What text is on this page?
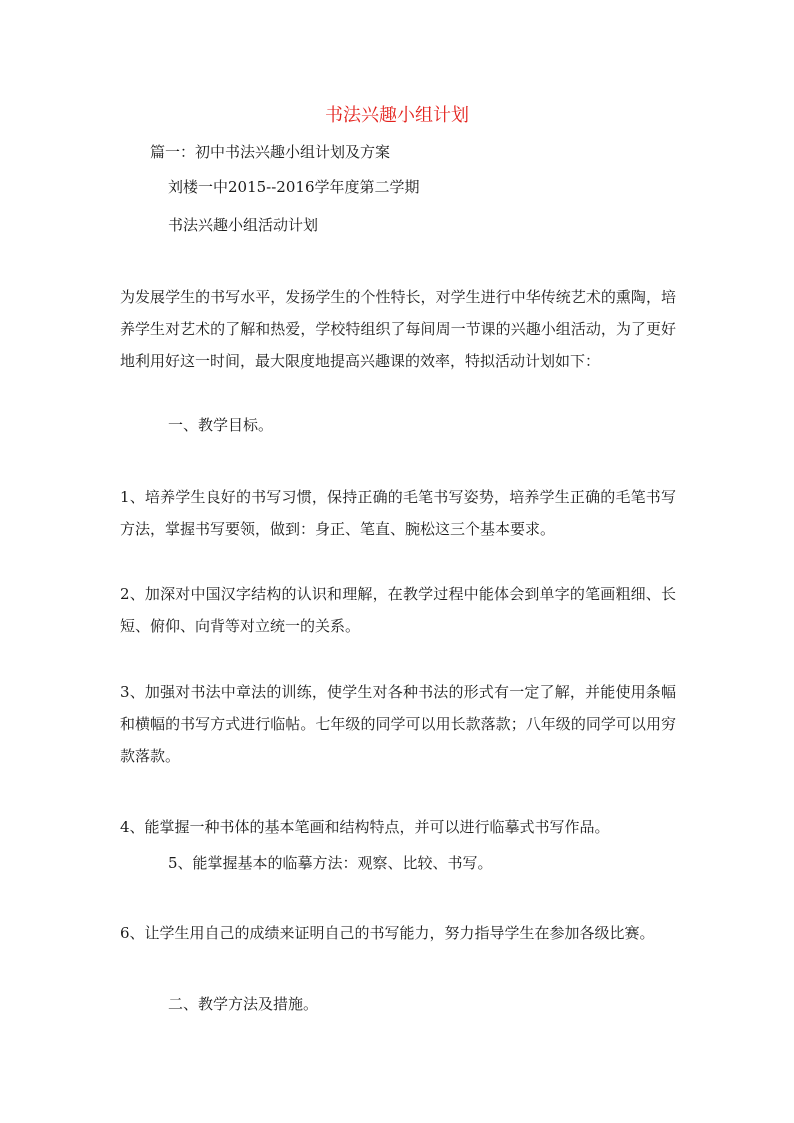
书法兴趣小组计划
篇一：初中书法兴趣小组计划及方案
刘楼一中2015--2016学年度第二学期
书法兴趣小组活动计划
为发展学生的书写水平，发扬学生的个性特长，对学生进行中华传统艺术的熏陶，培养学生对艺术的了解和热爱，学校特组织了每间周一节课的兴趣小组活动，为了更好地利用好这一时间，最大限度地提高兴趣课的效率，特拟活动计划如下：
一、教学目标。
1、培养学生良好的书写习惯，保持正确的毛笔书写姿势，培养学生正确的毛笔书写方法，掌握书写要领，做到：身正、笔直、腕松这三个基本要求。
2、加深对中国汉字结构的认识和理解，在教学过程中能体会到单字的笔画粗细、长短、俯仰、向背等对立统一的关系。
3、加强对书法中章法的训练，使学生对各种书法的形式有一定了解，并能使用条幅和横幅的书写方式进行临帖。七年级的同学可以用长款落款；八年级的同学可以用穷款落款。
4、能掌握一种书体的基本笔画和结构特点，并可以进行临摹式书写作品。
5、能掌握基本的临摹方法：观察、比较、书写。
6、让学生用自己的成绩来证明自己的书写能力，努力指导学生在参加各级比赛。
二、教学方法及措施。
